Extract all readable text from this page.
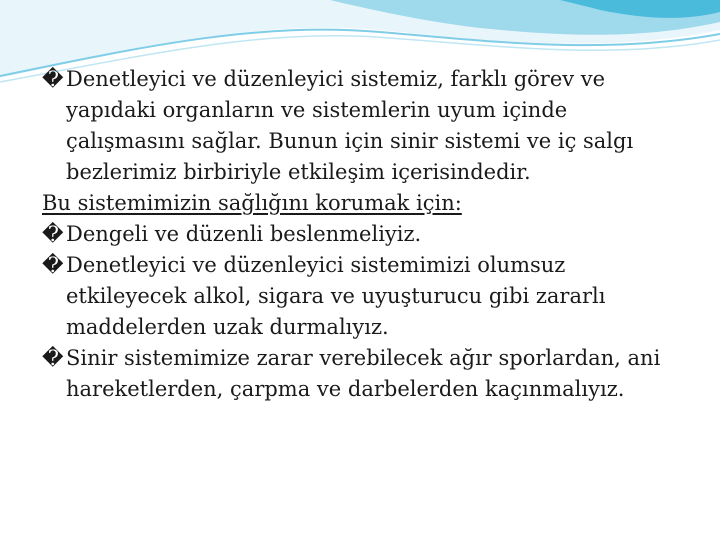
� Denetleyici ve düzenleyici sistemiz, farklı görev ve yapıdaki organların ve sistemlerin uyum içinde çalışmasını sağlar. Bunun için sinir sistemi ve iç salgı bezlerimiz birbiriyle etkileşim içerisindedir.

Bu sistemimizin sağlığını korumak için:

� Dengeli ve düzenli beslenmeliyiz.

� Denetleyici ve düzenleyici sistemimizi olumsuz etkileyecek alkol, sigara ve uyuşturucu gibi zararlı maddelerden uzak durmalıyız.

� Sinir sistemimize zarar verebilecek ağır sporlardan, ani hareketlerden, çarpma ve darbelerden kaçınmalıyız.
